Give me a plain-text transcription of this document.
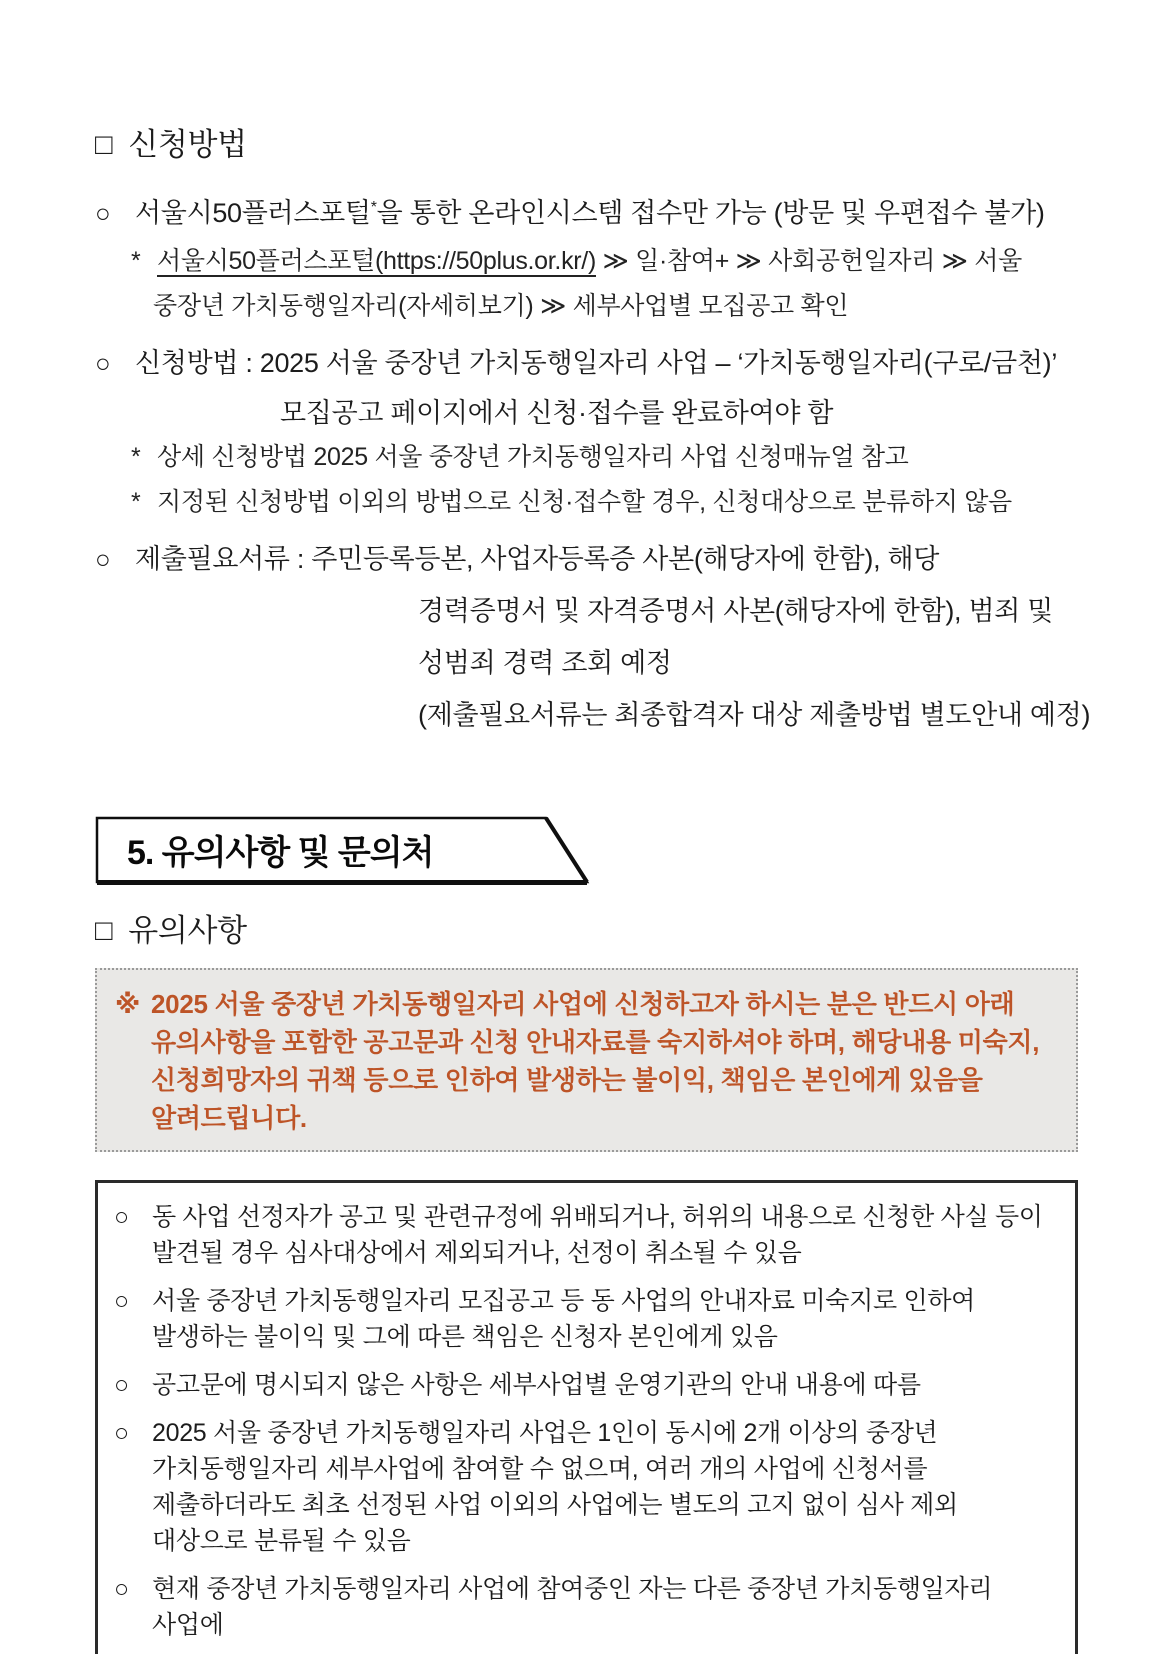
□ 신청방법
○ 서울시50플러스포털*을 통한 온라인시스템 접수만 가능 (방문 및 우편접수 불가)
* 서울시50플러스포털(https://50plus.or.kr/) ≫ 일·참여+ ≫ 사회공헌일자리 ≫ 서울
중장년 가치동행일자리(자세히보기) ≫ 세부사업별 모집공고 확인
○ 신청방법 : 2025 서울 중장년 가치동행일자리 사업 – ‘가치동행일자리(구로/금천)’
모집공고 페이지에서 신청·접수를 완료하여야 함
* 상세 신청방법 2025 서울 중장년 가치동행일자리 사업 신청매뉴얼 참고
* 지정된 신청방법 이외의 방법으로 신청·접수할 경우, 신청대상으로 분류하지 않음
○ 제출필요서류 : 주민등록등본, 사업자등록증 사본(해당자에 한함), 해당
경력증명서 및 자격증명서 사본(해당자에 한함), 범죄 및
성범죄 경력 조회 예정
(제출필요서류는 최종합격자 대상 제출방법 별도안내 예정)
5. 유의사항 및 문의처
□ 유의사항
※ 2025 서울 중장년 가치동행일자리 사업에 신청하고자 하시는 분은 반드시 아래 유의사항을 포함한 공고문과 신청 안내자료를 숙지하셔야 하며, 해당내용 미숙지, 신청희망자의 귀책 등으로 인하여 발생하는 불이익, 책임은 본인에게 있음을 알려드립니다.
○ 동 사업 선정자가 공고 및 관련규정에 위배되거나, 허위의 내용으로 신청한 사실 등이 발견될 경우 심사대상에서 제외되거나, 선정이 취소될 수 있음
○ 서울 중장년 가치동행일자리 모집공고 등 동 사업의 안내자료 미숙지로 인하여 발생하는 불이익 및 그에 따른 책임은 신청자 본인에게 있음
○ 공고문에 명시되지 않은 사항은 세부사업별 운영기관의 안내 내용에 따름
○ 2025 서울 중장년 가치동행일자리 사업은 1인이 동시에 2개 이상의 중장년 가치동행일자리 세부사업에 참여할 수 없으며, 여러 개의 사업에 신청서를 제출하더라도 최초 선정된 사업 이외의 사업에는 별도의 고지 없이 심사 제외 대상으로 분류될 수 있음
○ 현재 중장년 가치동행일자리 사업에 참여중인 자는 다른 중장년 가치동행일자리 사업에
